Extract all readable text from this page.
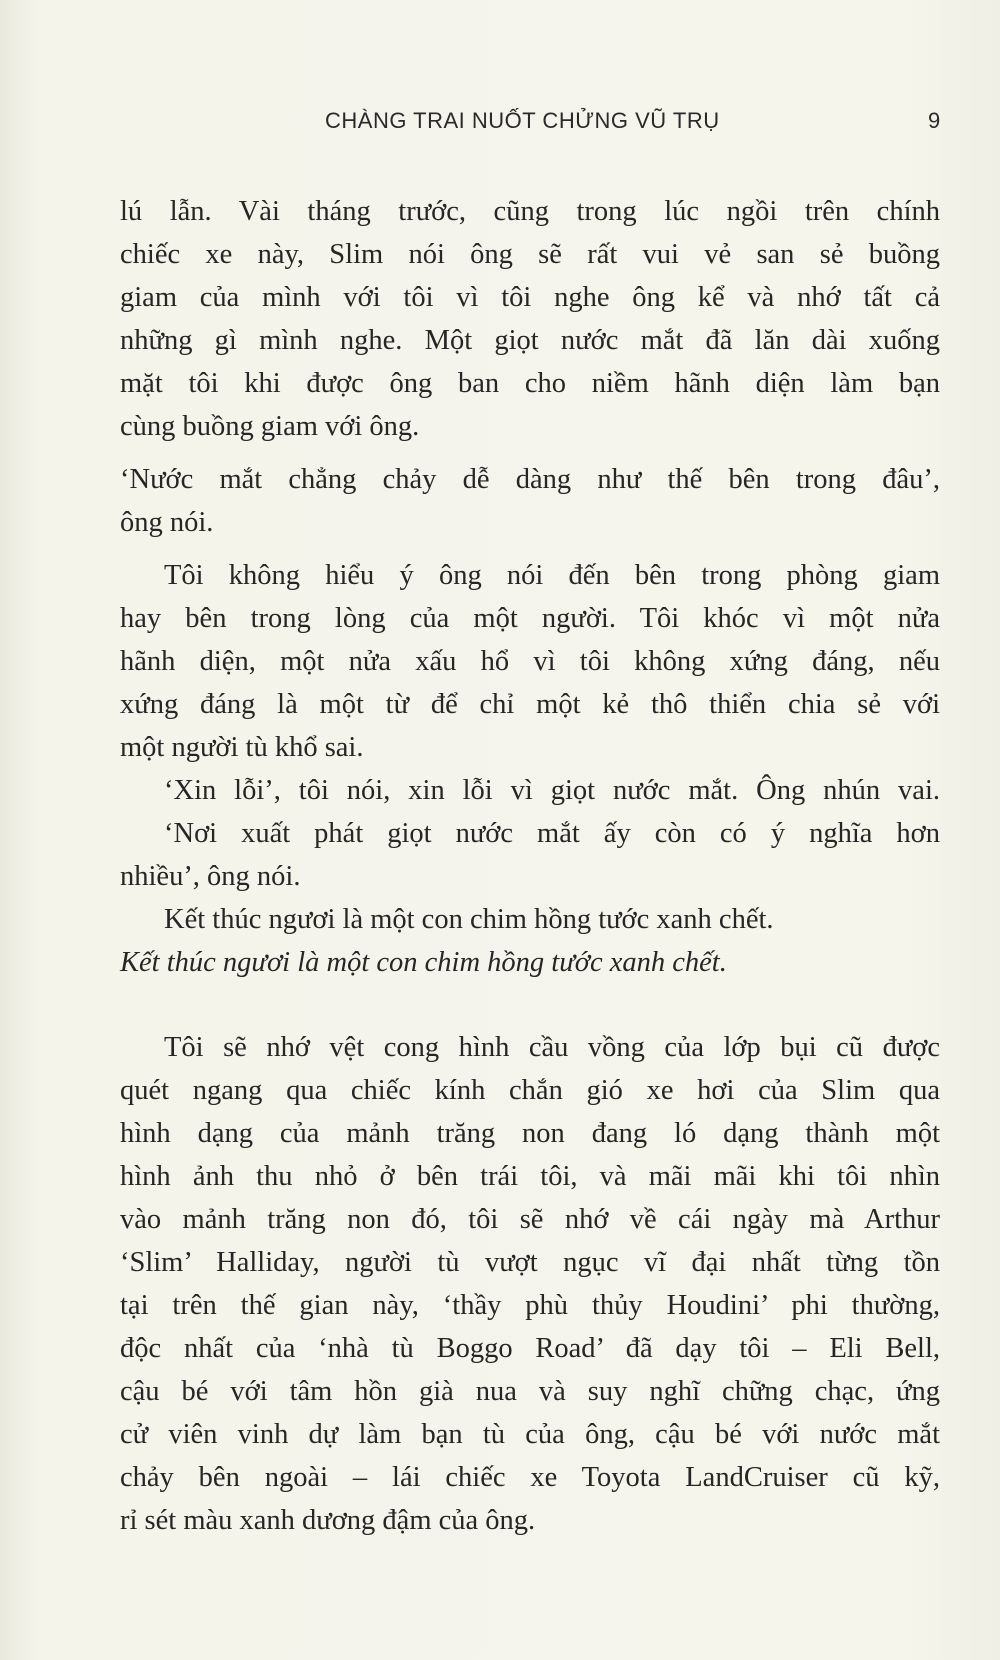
CHÀNG TRAI NUỐT CHỬNG VŨ TRỤ	9
lú lẫn. Vài tháng trước, cũng trong lúc ngồi trên chính
chiếc xe này, Slim nói ông sẽ rất vui vẻ san sẻ buồng
giam của mình với tôi vì tôi nghe ông kể và nhớ tất cả
những gì mình nghe. Một giọt nước mắt đã lăn dài xuống
mặt tôi khi được ông ban cho niềm hãnh diện làm bạn
cùng buồng giam với ông.
‘Nước mắt chẳng chảy dễ dàng như thế bên trong đâu’,
ông nói.
Tôi không hiểu ý ông nói đến bên trong phòng giam
hay bên trong lòng của một người. Tôi khóc vì một nửa
hãnh diện, một nửa xấu hổ vì tôi không xứng đáng, nếu
xứng đáng là một từ để chỉ một kẻ thô thiển chia sẻ với
một người tù khổ sai.
‘Xin lỗi’, tôi nói, xin lỗi vì giọt nước mắt. Ông nhún vai.
‘Nơi xuất phát giọt nước mắt ấy còn có ý nghĩa hơn
nhiều’, ông nói.
Kết thúc ngươi là một con chim hồng tước xanh chết.
Kết thúc ngươi là một con chim hồng tước xanh chết.
Tôi sẽ nhớ vệt cong hình cầu vồng của lớp bụi cũ được
quét ngang qua chiếc kính chắn gió xe hơi của Slim qua
hình dạng của mảnh trăng non đang ló dạng thành một
hình ảnh thu nhỏ ở bên trái tôi, và mãi mãi khi tôi nhìn
vào mảnh trăng non đó, tôi sẽ nhớ về cái ngày mà Arthur
‘Slim’ Halliday, người tù vượt ngục vĩ đại nhất từng tồn
tại trên thế gian này, ‘thầy phù thủy Houdini’ phi thường,
độc nhất của ‘nhà tù Boggo Road’ đã dạy tôi – Eli Bell,
cậu bé với tâm hồn già nua và suy nghĩ chững chạc, ứng
cử viên vinh dự làm bạn tù của ông, cậu bé với nước mắt
chảy bên ngoài – lái chiếc xe Toyota LandCruiser cũ kỹ,
rỉ sét màu xanh dương đậm của ông.
